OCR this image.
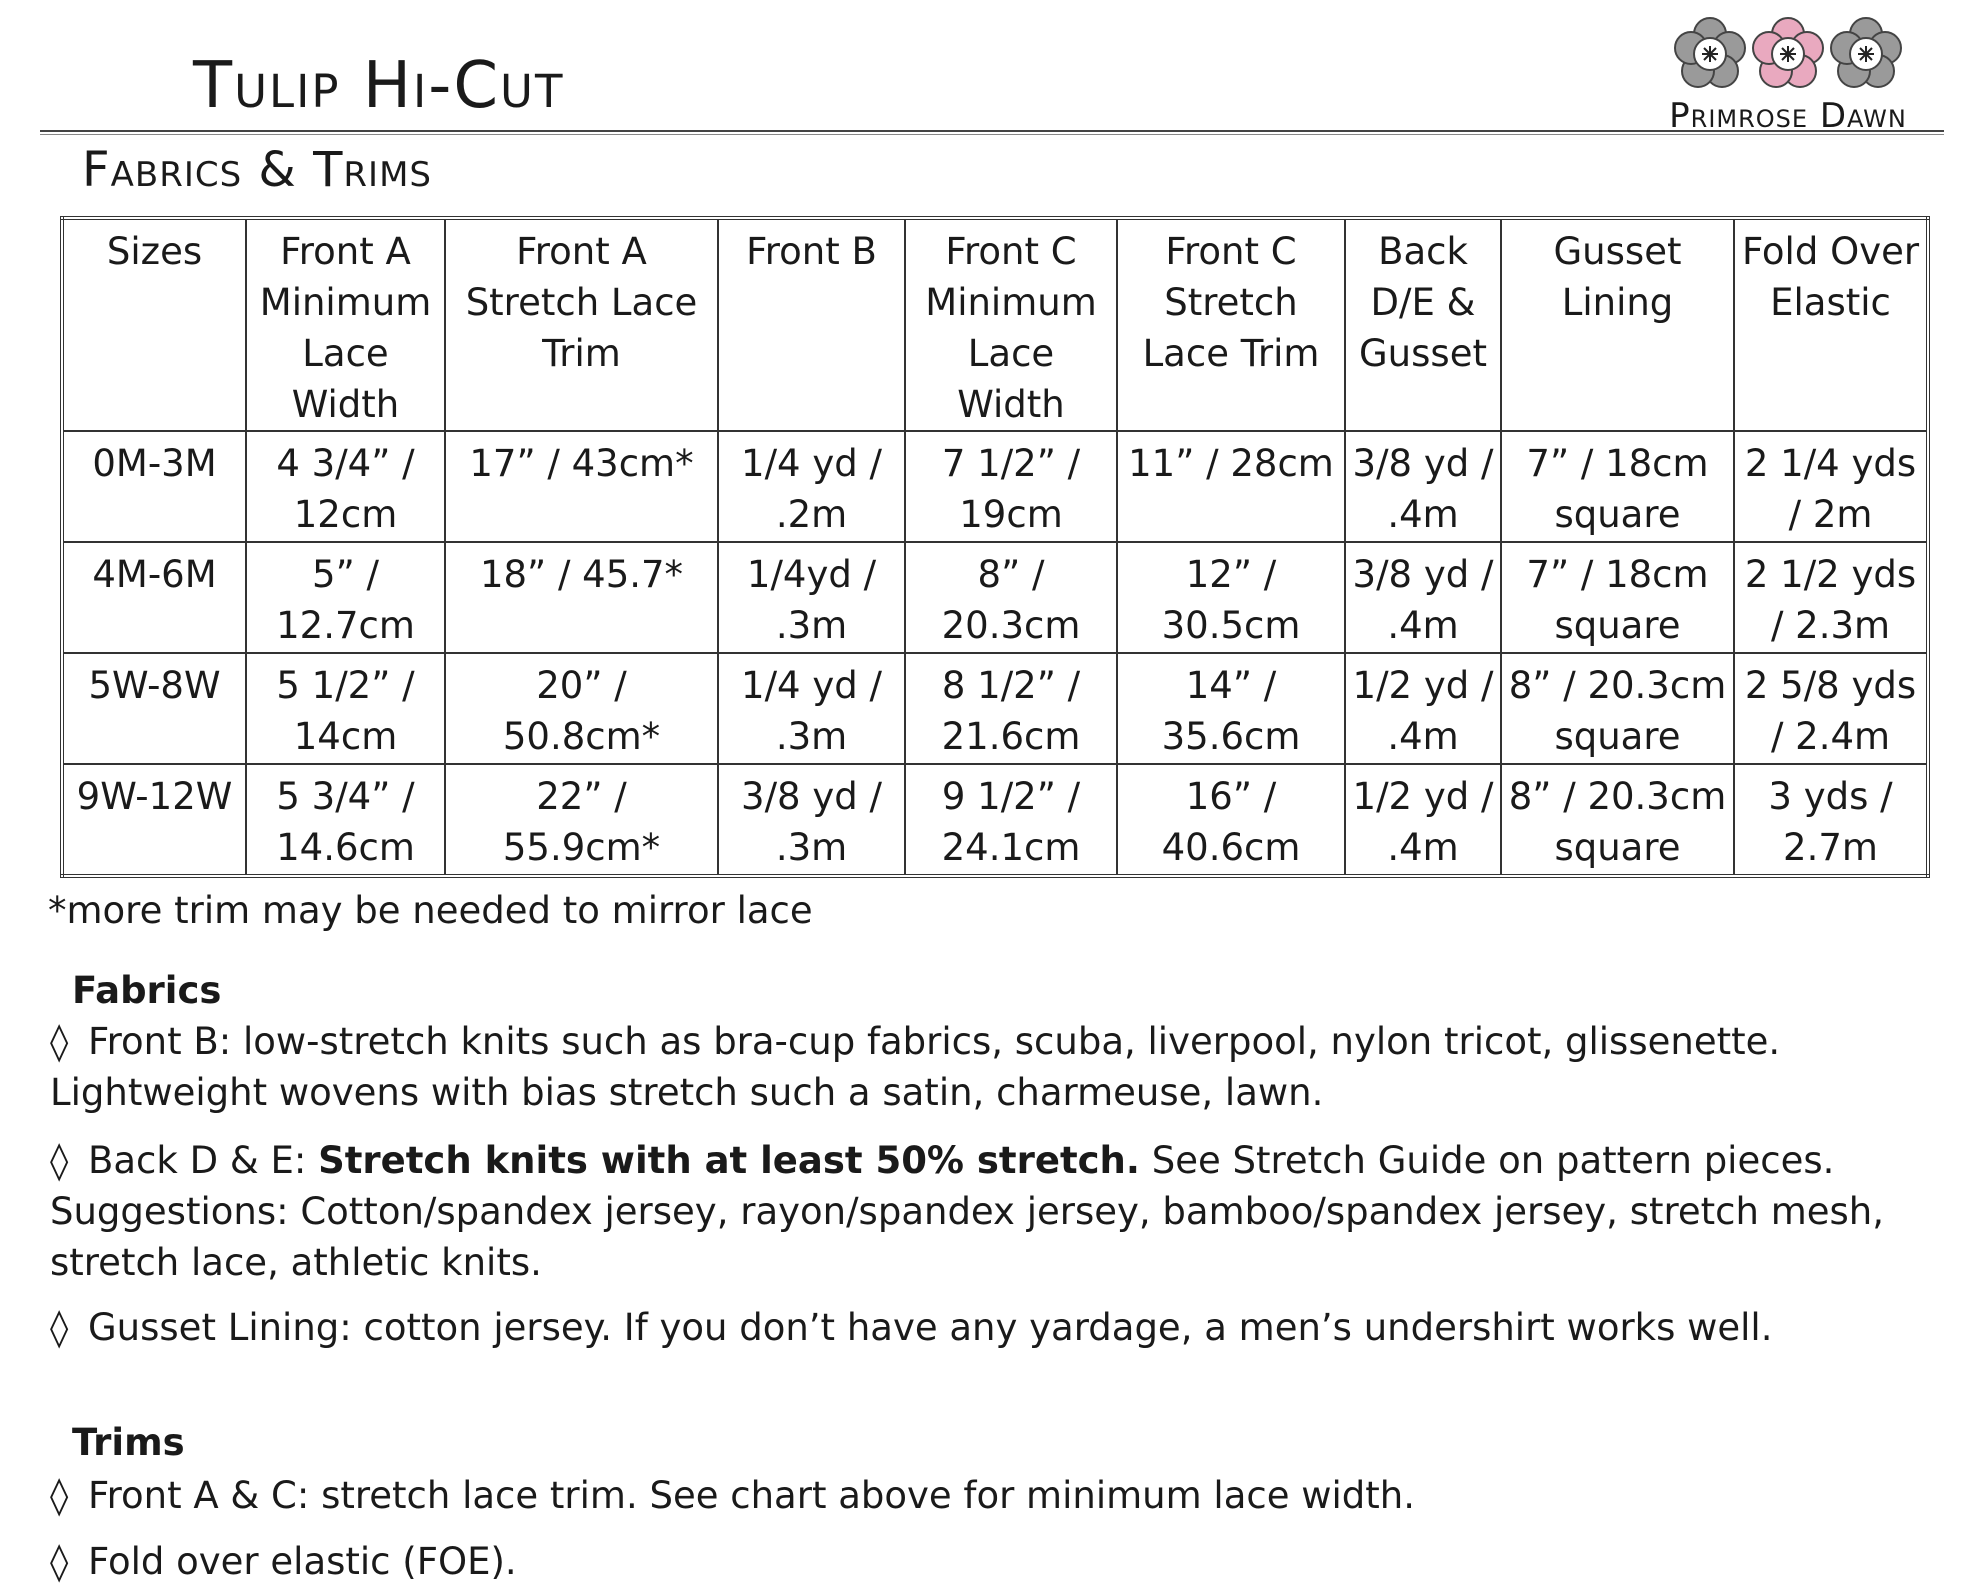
Tulip Hi-Cut	Primrose Dawn
Fabrics & Trims
Sizes	Front A Minimum Lace Width	Front A Stretch Lace Trim	Front B	Front C Minimum Lace Width	Front C Stretch Lace Trim	Back D/E & Gusset	Gusset Lining	Fold Over Elastic
0M-3M	4 3/4” / 12cm	17” / 43cm*	1/4 yd / .2m	7 1/2” / 19cm	11” / 28cm	3/8 yd / .4m	7” / 18cm square	2 1/4 yds / 2m
4M-6M	5” / 12.7cm	18” / 45.7*	1/4yd / .3m	8” / 20.3cm	12” / 30.5cm	3/8 yd / .4m	7” / 18cm square	2 1/2 yds / 2.3m
5W-8W	5 1/2” / 14cm	20” / 50.8cm*	1/4 yd / .3m	8 1/2” / 21.6cm	14” / 35.6cm	1/2 yd / .4m	8” / 20.3cm square	2 5/8 yds / 2.4m
9W-12W	5 3/4” / 14.6cm	22” / 55.9cm*	3/8 yd / .3m	9 1/2” / 24.1cm	16” / 40.6cm	1/2 yd / .4m	8” / 20.3cm square	3 yds / 2.7m
*more trim may be needed to mirror lace
Fabrics
◊ Front B: low-stretch knits such as bra-cup fabrics, scuba, liverpool, nylon tricot, glissenette. Lightweight wovens with bias stretch such a satin, charmeuse, lawn.
◊ Back D & E: Stretch knits with at least 50% stretch. See Stretch Guide on pattern pieces. Suggestions: Cotton/spandex jersey, rayon/spandex jersey, bamboo/spandex jersey, stretch mesh, stretch lace, athletic knits.
◊ Gusset Lining: cotton jersey. If you don’t have any yardage, a men’s undershirt works well.
Trims
◊ Front A & C: stretch lace trim. See chart above for minimum lace width.
◊ Fold over elastic (FOE).
